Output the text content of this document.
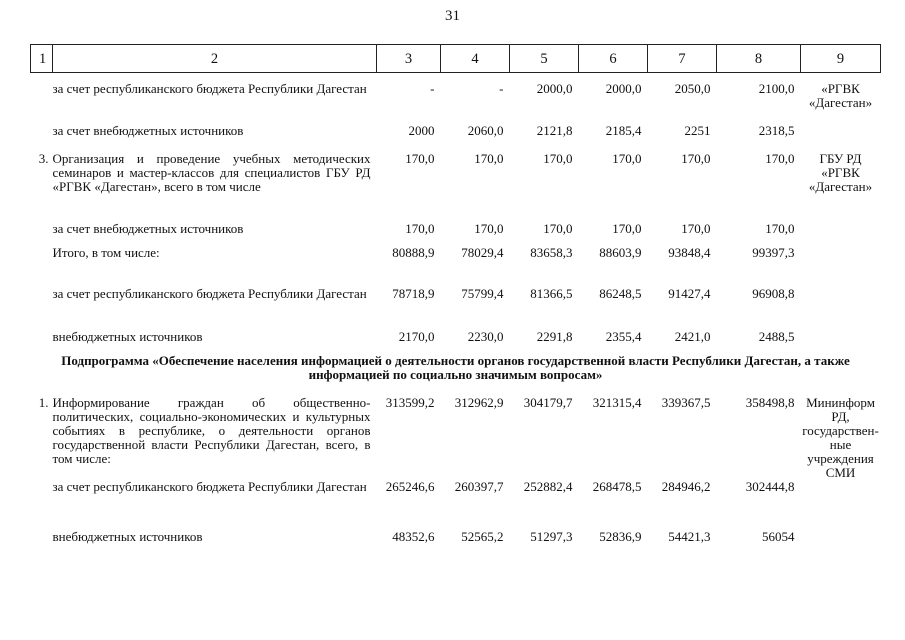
31
1	2	3	4	5	6	7	8	9
	за счет республиканского бюджета Республики Дагестан	-	-	2000,0	2000,0	2050,0	2100,0	«РГВК «Дагестан»
	за счет внебюджетных источников	2000	2060,0	2121,8	2185,4	2251	2318,5	
3.	Организация и проведение учебных методических семинаров и мастер-классов для специалистов ГБУ РД «РГВК «Дагестан», всего в том числе	170,0	170,0	170,0	170,0	170,0	170,0	ГБУ РД «РГВК «Дагестан»
	за счет внебюджетных источников	170,0	170,0	170,0	170,0	170,0	170,0	
	Итого, в том числе:	80888,9	78029,4	83658,3	88603,9	93848,4	99397,3	
	за счет республиканского бюджета Республики Дагестан	78718,9	75799,4	81366,5	86248,5	91427,4	96908,8	
	внебюджетных источников	2170,0	2230,0	2291,8	2355,4	2421,0	2488,5	
Подпрограмма «Обеспечение населения информацией о деятельности органов государственной власти Республики Дагестан, а также информацией по социально значимым вопросам»								
1.	Информирование граждан об общественно-политических, социально-экономических и культурных событиях в республике, о деятельности органов государственной власти Республики Дагестан, всего, в том числе:	313599,2	312962,9	304179,7	321315,4	339367,5	358498,8	Мининформ РД, государствен-ные учреждения СМИ
	за счет республиканского бюджета Республики Дагестан	265246,6	260397,7	252882,4	268478,5	284946,2	302444,8	
	внебюджетных источников	48352,6	52565,2	51297,3	52836,9	54421,3	56054	
